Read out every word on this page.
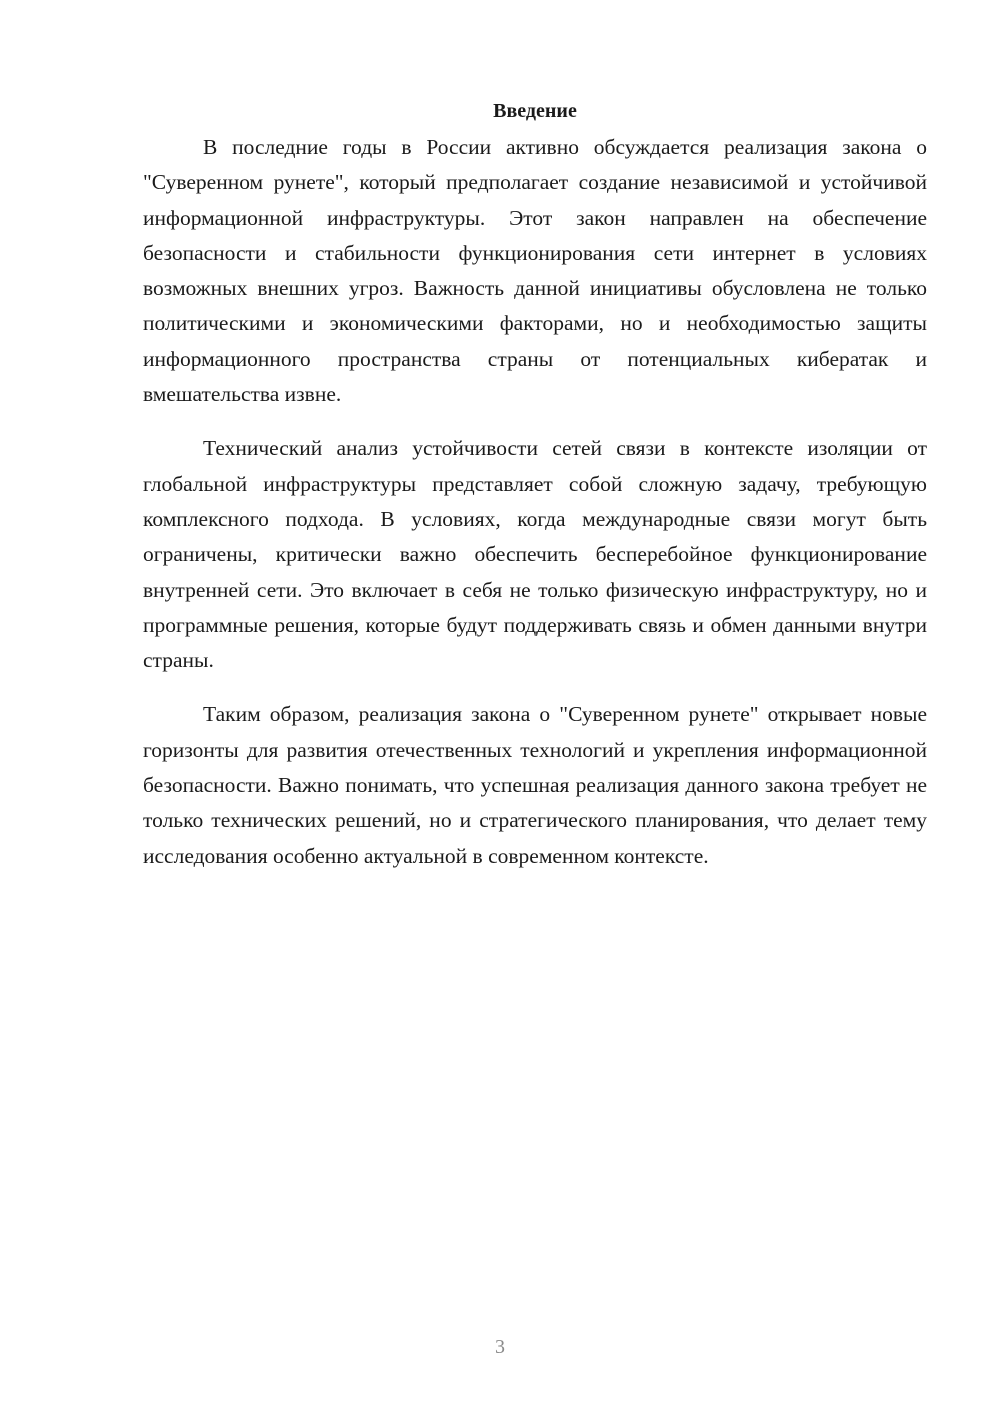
Введение

В последние годы в России активно обсуждается реализация закона о "Суверенном рунете", который предполагает создание независимой и устойчивой информационной инфраструктуры. Этот закон направлен на обеспечение безопасности и стабильности функционирования сети интернет в условиях возможных внешних угроз. Важность данной инициативы обусловлена не только политическими и экономическими факторами, но и необходимостью защиты информационного пространства страны от потенциальных кибератак и вмешательства извне.

Технический анализ устойчивости сетей связи в контексте изоляции от глобальной инфраструктуры представляет собой сложную задачу, требующую комплексного подхода. В условиях, когда международные связи могут быть ограничены, критически важно обеспечить бесперебойное функционирование внутренней сети. Это включает в себя не только физическую инфраструктуру, но и программные решения, которые будут поддерживать связь и обмен данными внутри страны.

Таким образом, реализация закона о "Суверенном рунете" открывает новые горизонты для развития отечественных технологий и укрепления информационной безопасности. Важно понимать, что успешная реализация данного закона требует не только технических решений, но и стратегического планирования, что делает тему исследования особенно актуальной в современном контексте.

3
